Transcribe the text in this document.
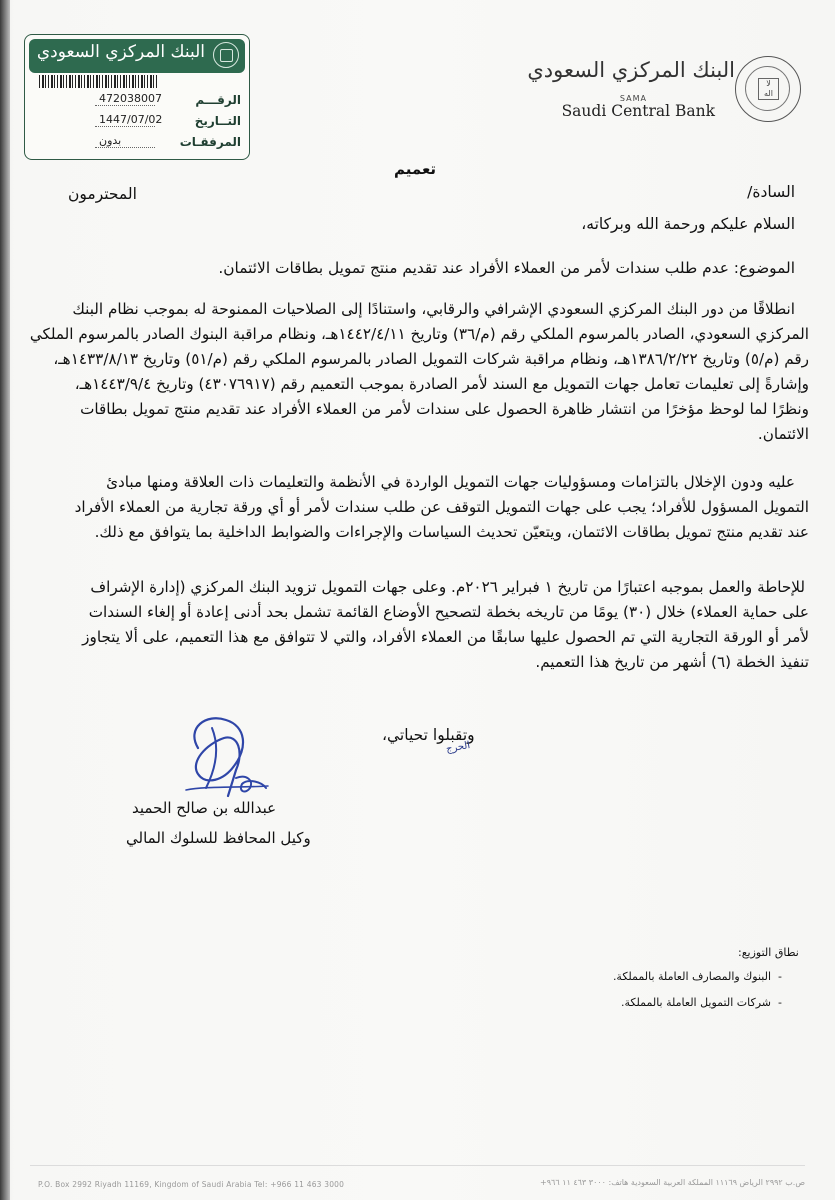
البنك المركزي السعودي
الرقـــم
472038007
التــاريخ
1447/07/02
المرفقـات
بدون
البنك المركزي السعودي
SAMA
Saudi Central Bank
لا
اله
تعميم
السادة/
المحترمون
السلام عليكم ورحمة الله وبركاته،
الموضوع: عدم طلب سندات لأمر من العملاء الأفراد عند تقديم منتج تمويل بطاقات الائتمان.
انطلاقًا من دور البنك المركزي السعودي الإشرافي والرقابي، واستنادًا إلى الصلاحيات الممنوحة له بموجب نظام البنك
المركزي السعودي، الصادر بالمرسوم الملكي رقم (م/٣٦) وتاريخ ١٤٤٢/٤/١١هـ، ونظام مراقبة البنوك الصادر بالمرسوم الملكي
رقم (م/٥) وتاريخ ١٣٨٦/٢/٢٢هـ، ونظام مراقبة شركات التمويل الصادر بالمرسوم الملكي رقم (م/٥١) وتاريخ ١٤٣٣/٨/١٣هـ،
وإشارةً إلى تعليمات تعامل جهات التمويل مع السند لأمر الصادرة بموجب التعميم رقم (٤٣٠٧٦٩١٧) وتاريخ ١٤٤٣/٩/٤هـ،
ونظرًا لما لوحظ مؤخرًا من انتشار ظاهرة الحصول على سندات لأمر من العملاء الأفراد عند تقديم منتج تمويل بطاقات
الائتمان.
عليه ودون الإخلال بالتزامات ومسؤوليات جهات التمويل الواردة في الأنظمة والتعليمات ذات العلاقة ومنها مبادئ
التمويل المسؤول للأفراد؛ يجب على جهات التمويل التوقف عن طلب سندات لأمر أو أي ورقة تجارية من العملاء الأفراد
عند تقديم منتج تمويل بطاقات الائتمان، ويتعيّن تحديث السياسات والإجراءات والضوابط الداخلية بما يتوافق مع ذلك.
للإحاطة والعمل بموجبه اعتبارًا من تاريخ ١ فبراير ٢٠٢٦م. وعلى جهات التمويل تزويد البنك المركزي (إدارة الإشراف
على حماية العملاء) خلال (٣٠) يومًا من تاريخه بخطة لتصحيح الأوضاع القائمة تشمل بحد أدنى إعادة أو إلغاء السندات
لأمر أو الورقة التجارية التي تم الحصول عليها سابقًا من العملاء الأفراد، والتي لا تتوافق مع هذا التعميم، على ألا يتجاوز
تنفيذ الخطة (٦) أشهر من تاريخ هذا التعميم.
وتقبلوا تحياتي،
الحرج
عبدالله بن صالح الحميد
وكيل المحافظ للسلوك المالي
نطاق التوزيع:
-
البنوك والمصارف العاملة بالمملكة.
-
شركات التمويل العاملة بالمملكة.
P.O. Box 2992 Riyadh 11169, Kingdom of Saudi Arabia Tel: +966 11 463 3000	ص.ب ٢٩٩٢ الرياض ١١١٦٩ المملكة العربية السعودية هاتف: ٣٠٠٠ ٤٦٣ ١١ ٩٦٦+
